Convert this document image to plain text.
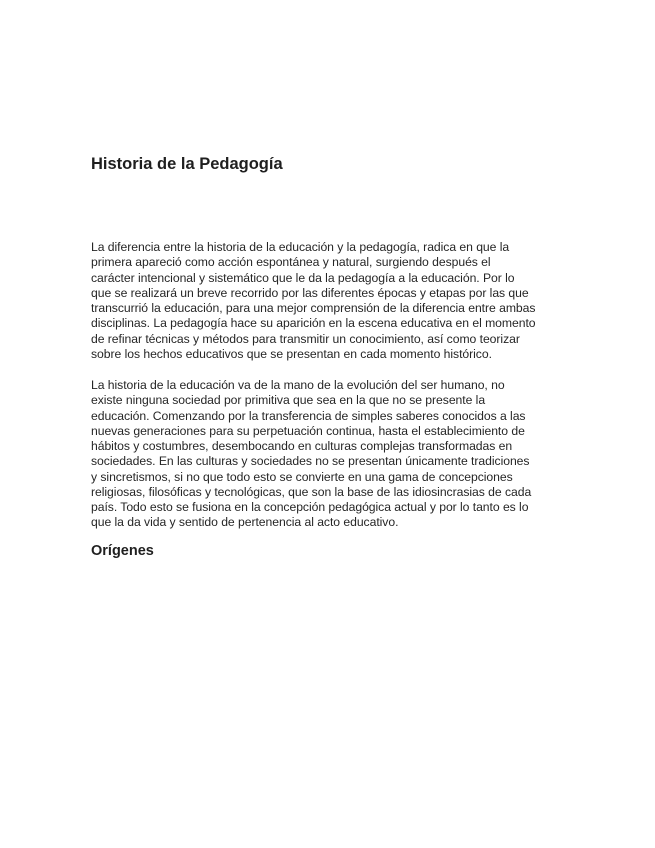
Historia de la Pedagogía

La diferencia entre la historia de la educación y la pedagogía, radica en que la
primera apareció como acción espontánea y natural, surgiendo después el
carácter intencional y sistemático que le da la pedagogía a la educación. Por lo
que se realizará un breve recorrido por las diferentes épocas y etapas por las que
transcurrió la educación, para una mejor comprensión de la diferencia entre ambas
disciplinas. La pedagogía hace su aparición en la escena educativa en el momento
de refinar técnicas y métodos para transmitir un conocimiento, así como teorizar
sobre los hechos educativos que se presentan en cada momento histórico.

La historia de la educación va de la mano de la evolución del ser humano, no
existe ninguna sociedad por primitiva que sea en la que no se presente la
educación. Comenzando por la transferencia de simples saberes conocidos a las
nuevas generaciones para su perpetuación continua, hasta el establecimiento de
hábitos y costumbres, desembocando en culturas complejas transformadas en
sociedades. En las culturas y sociedades no se presentan únicamente tradiciones
y sincretismos, si no que todo esto se convierte en una gama de concepciones
religiosas, filosóficas y tecnológicas, que son la base de las idiosincrasias de cada
país. Todo esto se fusiona en la concepción pedagógica actual y por lo tanto es lo
que la da vida y sentido de pertenencia al acto educativo.

Orígenes
